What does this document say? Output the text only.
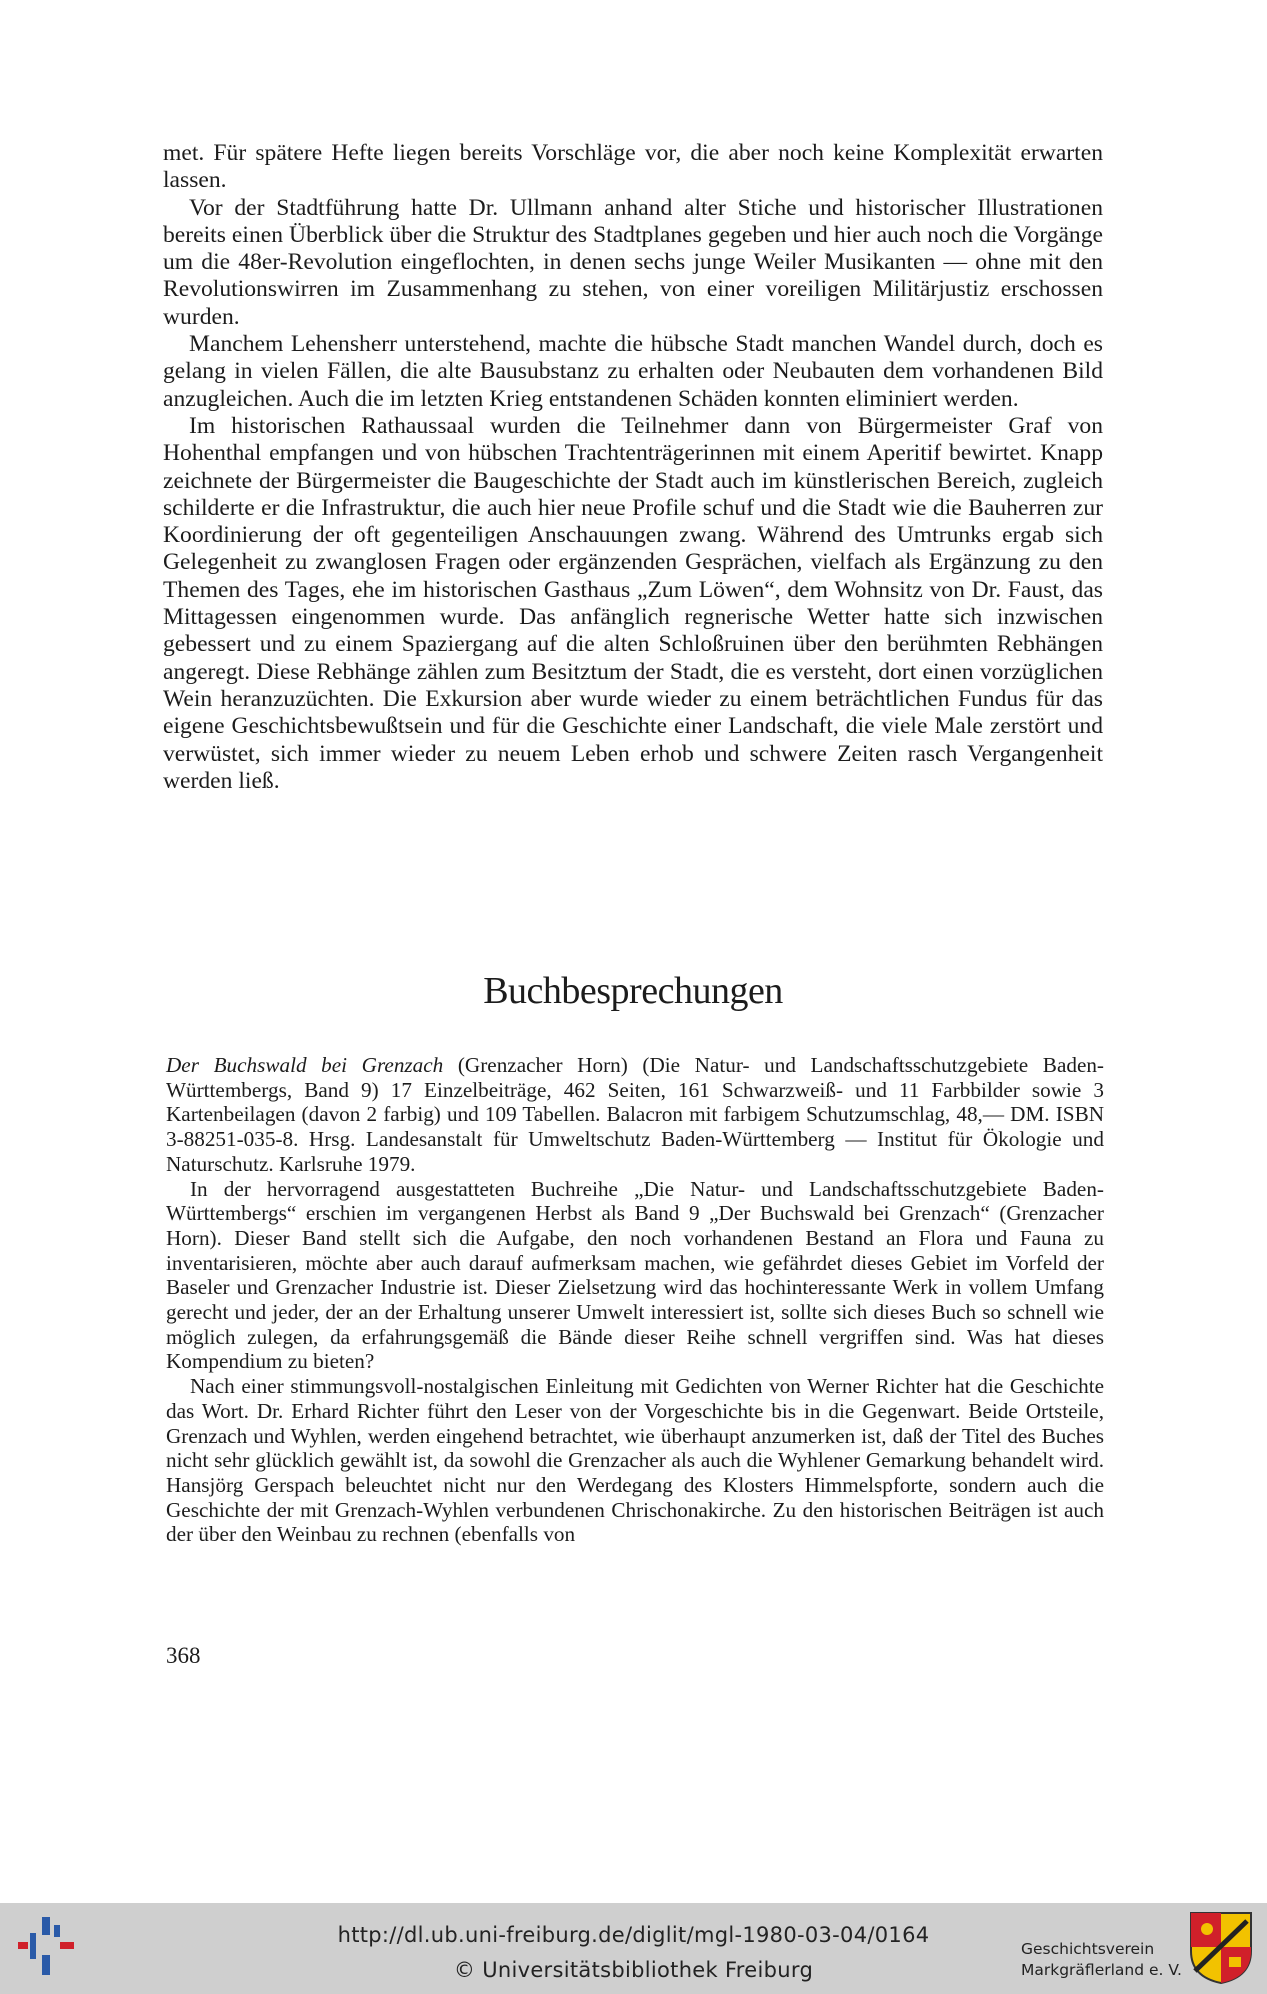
met. Für spätere Hefte liegen bereits Vorschläge vor, die aber noch keine Komplexität erwarten lassen.

Vor der Stadtführung hatte Dr. Ullmann anhand alter Stiche und historischer Illustrationen bereits einen Überblick über die Struktur des Stadtplanes gegeben und hier auch noch die Vorgänge um die 48er-Revolution eingeflochten, in denen sechs junge Weiler Musikanten — ohne mit den Revolutionswirren im Zusammenhang zu stehen, von einer voreiligen Militärjustiz erschossen wurden.

Manchem Lehensherr unterstehend, machte die hübsche Stadt manchen Wandel durch, doch es gelang in vielen Fällen, die alte Bausubstanz zu erhalten oder Neubauten dem vorhandenen Bild anzugleichen. Auch die im letzten Krieg entstandenen Schäden konnten eliminiert werden.

Im historischen Rathaussaal wurden die Teilnehmer dann von Bürgermeister Graf von Hohenthal empfangen und von hübschen Trachtenträgerinnen mit einem Aperitif bewirtet. Knapp zeichnete der Bürgermeister die Baugeschichte der Stadt auch im künstlerischen Bereich, zugleich schilderte er die Infrastruktur, die auch hier neue Profile schuf und die Stadt wie die Bauherren zur Koordinierung der oft gegenteiligen Anschauungen zwang. Während des Umtrunks ergab sich Gelegenheit zu zwanglosen Fragen oder ergänzenden Gesprächen, vielfach als Ergänzung zu den Themen des Tages, ehe im historischen Gasthaus „Zum Löwen“, dem Wohnsitz von Dr. Faust, das Mittagessen eingenommen wurde. Das anfänglich regnerische Wetter hatte sich inzwischen gebessert und zu einem Spaziergang auf die alten Schloßruinen über den berühmten Rebhängen angeregt. Diese Rebhänge zählen zum Besitztum der Stadt, die es versteht, dort einen vorzüglichen Wein heranzuzüchten. Die Exkursion aber wurde wieder zu einem beträchtlichen Fundus für das eigene Geschichtsbewußtsein und für die Geschichte einer Landschaft, die viele Male zerstört und verwüstet, sich immer wieder zu neuem Leben erhob und schwere Zeiten rasch Vergangenheit werden ließ.

Buchbesprechungen

Der Buchswald bei Grenzach (Grenzacher Horn) (Die Natur- und Landschaftsschutzgebiete Baden-Württembergs, Band 9) 17 Einzelbeiträge, 462 Seiten, 161 Schwarzweiß- und 11 Farbbilder sowie 3 Kartenbeilagen (davon 2 farbig) und 109 Tabellen. Balacron mit farbigem Schutzumschlag, 48,— DM. ISBN 3-88251-035-8. Hrsg. Landesanstalt für Umweltschutz Baden-Württemberg — Institut für Ökologie und Naturschutz. Karlsruhe 1979.

In der hervorragend ausgestatteten Buchreihe „Die Natur- und Landschaftsschutzgebiete Baden-Württembergs“ erschien im vergangenen Herbst als Band 9 „Der Buchswald bei Grenzach“ (Grenzacher Horn). Dieser Band stellt sich die Aufgabe, den noch vorhandenen Bestand an Flora und Fauna zu inventarisieren, möchte aber auch darauf aufmerksam machen, wie gefährdet dieses Gebiet im Vorfeld der Baseler und Grenzacher Industrie ist. Dieser Zielsetzung wird das hochinteressante Werk in vollem Umfang gerecht und jeder, der an der Erhaltung unserer Umwelt interessiert ist, sollte sich dieses Buch so schnell wie möglich zulegen, da erfahrungsgemäß die Bände dieser Reihe schnell vergriffen sind. Was hat dieses Kompendium zu bieten?

Nach einer stimmungsvoll-nostalgischen Einleitung mit Gedichten von Werner Richter hat die Geschichte das Wort. Dr. Erhard Richter führt den Leser von der Vorgeschichte bis in die Gegenwart. Beide Ortsteile, Grenzach und Wyhlen, werden eingehend betrachtet, wie überhaupt anzumerken ist, daß der Titel des Buches nicht sehr glücklich gewählt ist, da sowohl die Grenzacher als auch die Wyhlener Gemarkung behandelt wird. Hansjörg Gerspach beleuchtet nicht nur den Werdegang des Klosters Himmelspforte, sondern auch die Geschichte der mit Grenzach-Wyhlen verbundenen Chrischonakirche. Zu den historischen Beiträgen ist auch der über den Weinbau zu rechnen (ebenfalls von

368
http://dl.ub.uni-freiburg.de/diglit/mgl-1980-03-04/0164
© Universitätsbibliothek Freiburg
Geschichtsverein
Markgräflerland e. V.
